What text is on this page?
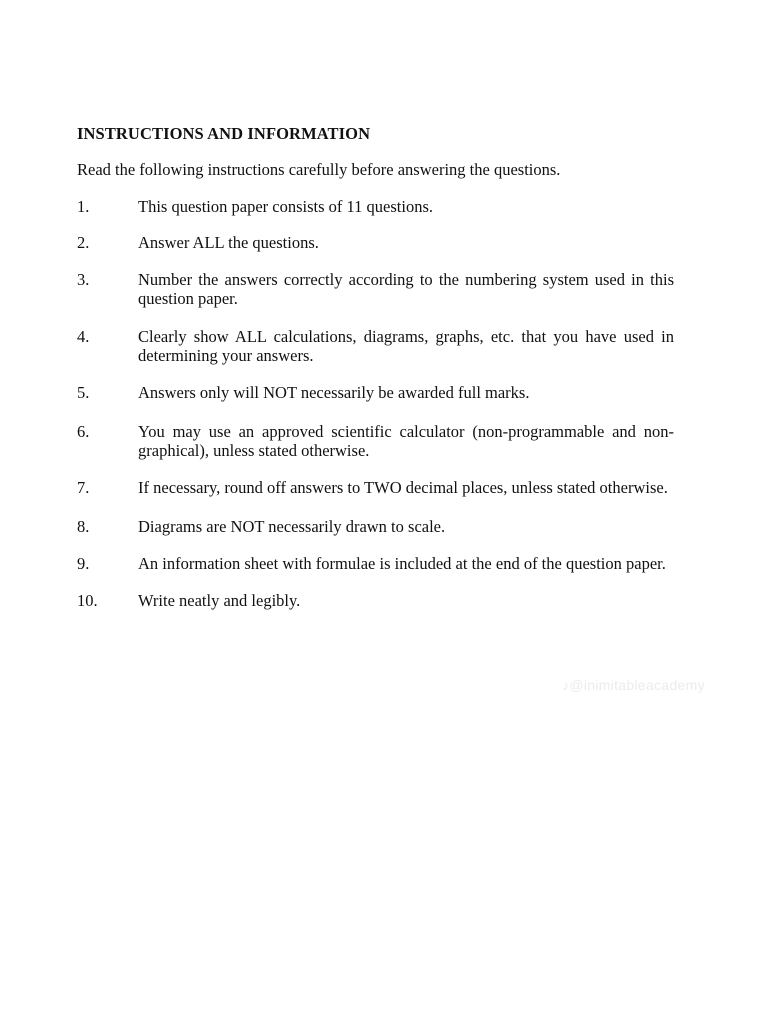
INSTRUCTIONS AND INFORMATION

Read the following instructions carefully before answering the questions.

1.	This question paper consists of 11 questions.
2.	Answer ALL the questions.
3.	Number the answers correctly according to the numbering system used in this question paper.
4.	Clearly show ALL calculations, diagrams, graphs, etc. that you have used in determining your answers.
5.	Answers only will NOT necessarily be awarded full marks.
6.	You may use an approved scientific calculator (non-programmable and non-graphical), unless stated otherwise.
7.	If necessary, round off answers to TWO decimal places, unless stated otherwise.
8.	Diagrams are NOT necessarily drawn to scale.
9.	An information sheet with formulae is included at the end of the question paper.
10.	Write neatly and legibly.
♪@inimitableacademy
